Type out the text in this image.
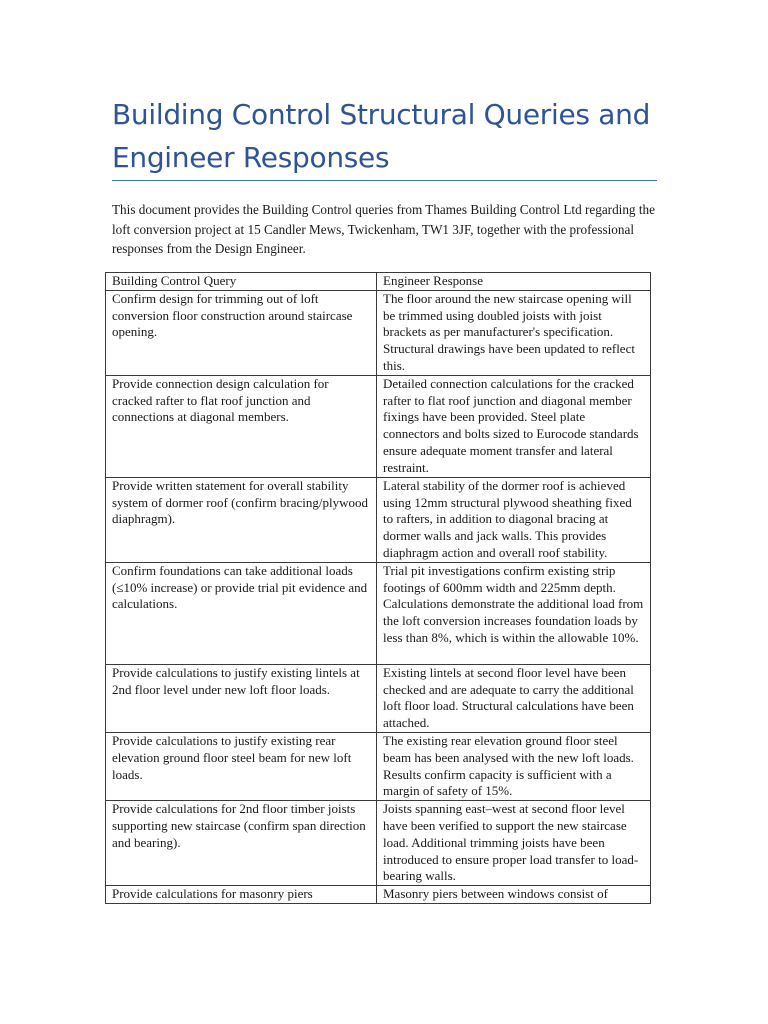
Building Control Structural Queries and Engineer Responses

This document provides the Building Control queries from Thames Building Control Ltd regarding the loft conversion project at 15 Candler Mews, Twickenham, TW1 3JF, together with the professional responses from the Design Engineer.

Building Control Query	Engineer Response
Confirm design for trimming out of loft conversion floor construction around staircase opening.	The floor around the new staircase opening will be trimmed using doubled joists with joist brackets as per manufacturer's specification. Structural drawings have been updated to reflect this.
Provide connection design calculation for cracked rafter to flat roof junction and connections at diagonal members.	Detailed connection calculations for the cracked rafter to flat roof junction and diagonal member fixings have been provided. Steel plate connectors and bolts sized to Eurocode standards ensure adequate moment transfer and lateral restraint.
Provide written statement for overall stability system of dormer roof (confirm bracing/plywood diaphragm).	Lateral stability of the dormer roof is achieved using 12mm structural plywood sheathing fixed to rafters, in addition to diagonal bracing at dormer walls and jack walls. This provides diaphragm action and overall roof stability.
Confirm foundations can take additional loads (≤10% increase) or provide trial pit evidence and calculations.	Trial pit investigations confirm existing strip footings of 600mm width and 225mm depth. Calculations demonstrate the additional load from the loft conversion increases foundation loads by less than 8%, which is within the allowable 10%.
Provide calculations to justify existing lintels at 2nd floor level under new loft floor loads.	Existing lintels at second floor level have been checked and are adequate to carry the additional loft floor load. Structural calculations have been attached.
Provide calculations to justify existing rear elevation ground floor steel beam for new loft loads.	The existing rear elevation ground floor steel beam has been analysed with the new loft loads. Results confirm capacity is sufficient with a margin of safety of 15%.
Provide calculations for 2nd floor timber joists supporting new staircase (confirm span direction and bearing).	Joists spanning east–west at second floor level have been verified to support the new staircase load. Additional trimming joists have been introduced to ensure proper load transfer to load-bearing walls.
Provide calculations for masonry piers	Masonry piers between windows consist of
